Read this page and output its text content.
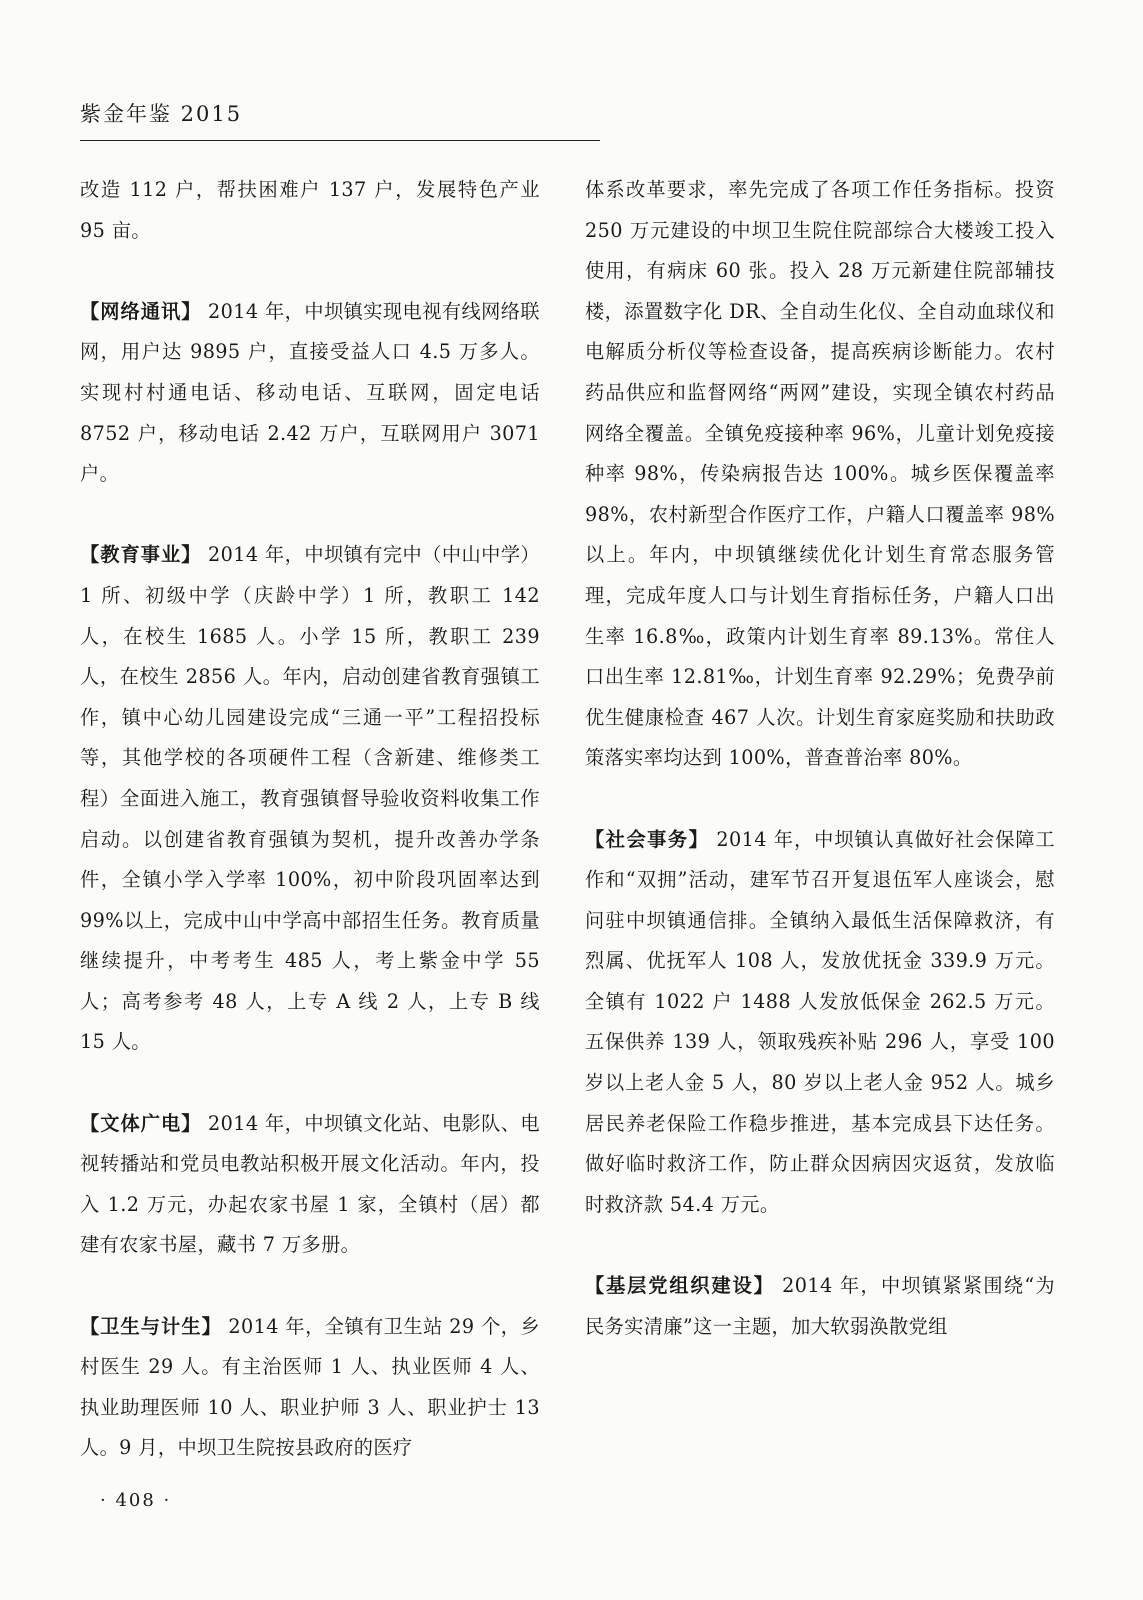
紫金年鉴 2015

改造 112 户，帮扶困难户 137 户，发展特色产业 95 亩。

【网络通讯】 2014 年，中坝镇实现电视有线网络联网，用户达 9895 户，直接受益人口 4.5 万多人。实现村村通电话、移动电话、互联网，固定电话 8752 户，移动电话 2.42 万户，互联网用户 3071 户。

【教育事业】 2014 年，中坝镇有完中（中山中学）1 所、初级中学（庆龄中学）1 所，教职工 142 人，在校生 1685 人。小学 15 所，教职工 239 人，在校生 2856 人。年内，启动创建省教育强镇工作，镇中心幼儿园建设完成“三通一平”工程招投标等，其他学校的各项硬件工程（含新建、维修类工程）全面进入施工，教育强镇督导验收资料收集工作启动。以创建省教育强镇为契机，提升改善办学条件，全镇小学入学率 100%，初中阶段巩固率达到 99%以上，完成中山中学高中部招生任务。教育质量继续提升，中考考生 485 人，考上紫金中学 55 人；高考参考 48 人，上专 A 线 2 人，上专 B 线 15 人。

【文体广电】 2014 年，中坝镇文化站、电影队、电视转播站和党员电教站积极开展文化活动。年内，投入 1.2 万元，办起农家书屋 1 家，全镇村（居）都建有农家书屋，藏书 7 万多册。

【卫生与计生】 2014 年，全镇有卫生站 29 个，乡村医生 29 人。有主治医师 1 人、执业医师 4 人、执业助理医师 10 人、职业护师 3 人、职业护士 13 人。9 月，中坝卫生院按县政府的医疗

体系改革要求，率先完成了各项工作任务指标。投资 250 万元建设的中坝卫生院住院部综合大楼竣工投入使用，有病床 60 张。投入 28 万元新建住院部辅技楼，添置数字化 DR、全自动生化仪、全自动血球仪和电解质分析仪等检查设备，提高疾病诊断能力。农村药品供应和监督网络“两网”建设，实现全镇农村药品网络全覆盖。全镇免疫接种率 96%，儿童计划免疫接种率 98%，传染病报告达 100%。城乡医保覆盖率 98%，农村新型合作医疗工作，户籍人口覆盖率 98%以上。年内，中坝镇继续优化计划生育常态服务管理，完成年度人口与计划生育指标任务，户籍人口出生率 16.8‰，政策内计划生育率 89.13%。常住人口出生率 12.81‰，计划生育率 92.29%；免费孕前优生健康检查 467 人次。计划生育家庭奖励和扶助政策落实率均达到 100%，普查普治率 80%。

【社会事务】 2014 年，中坝镇认真做好社会保障工作和“双拥”活动，建军节召开复退伍军人座谈会，慰问驻中坝镇通信排。全镇纳入最低生活保障救济，有烈属、优抚军人 108 人，发放优抚金 339.9 万元。全镇有 1022 户 1488 人发放低保金 262.5 万元。五保供养 139 人，领取残疾补贴 296 人，享受 100 岁以上老人金 5 人，80 岁以上老人金 952 人。城乡居民养老保险工作稳步推进，基本完成县下达任务。做好临时救济工作，防止群众因病因灾返贫，发放临时救济款 54.4 万元。

【基层党组织建设】 2014 年，中坝镇紧紧围绕“为民务实清廉”这一主题，加大软弱涣散党组

· 408 ·
